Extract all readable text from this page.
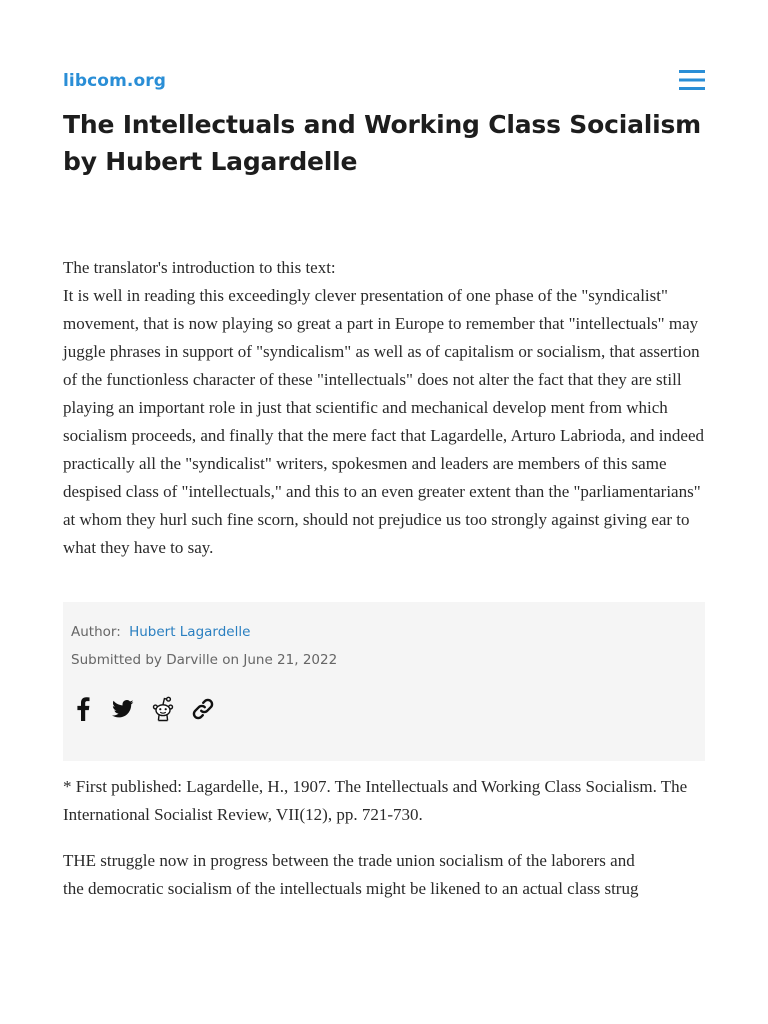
libcom.org
The Intellectuals and Working Class Socialism by Hubert Lagardelle

The translator's introduction to this text:

It is well in reading this exceedingly clever presentation of one phase of the "syndicalist" movement, that is now playing so great a part in Europe to remember that "intellectuals" may juggle phrases in support of "syndicalism" as well as of capitalism or socialism, that assertion of the functionless character of these "intellectuals" does not alter the fact that they are still playing an important role in just that scientific and mechanical develop ment from which socialism proceeds, and finally that the mere fact that Lagardelle, Arturo Labrioda, and indeed practically all the "syndicalist" writers, spokesmen and leaders are members of this same despised class of "intellectuals," and this to an even greater extent than the "parliamentarians" at whom they hurl such fine scorn, should not prejudice us too strongly against giving ear to what they have to say.

Author: Hubert Lagardelle
Submitted by Darville on June 21, 2022

* First published: Lagardelle, H., 1907. The Intellectuals and Working Class Socialism. The International Socialist Review, VII(12), pp. 721-730.

THE struggle now in progress between the trade union socialism of the laborers and
the democratic socialism of the intellectuals might be likened to an actual class strug
